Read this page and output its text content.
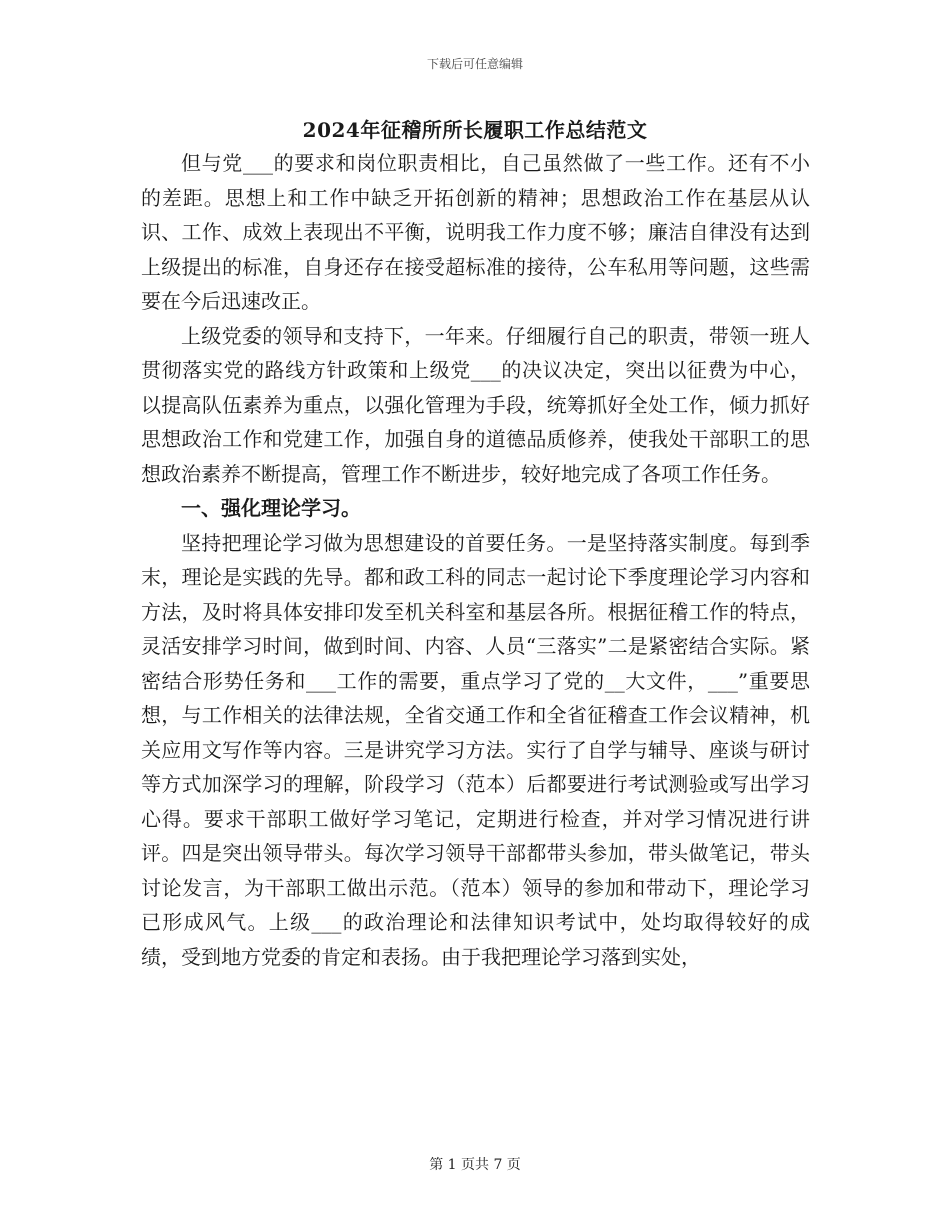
下载后可任意编辑
2024年征稽所所长履职工作总结范文

但与党___的要求和岗位职责相比，自己虽然做了一些工作。还有不小的差距。思想上和工作中缺乏开拓创新的精神；思想政治工作在基层从认识、工作、成效上表现出不平衡，说明我工作力度不够；廉洁自律没有达到上级提出的标准，自身还存在接受超标准的接待，公车私用等问题，这些需要在今后迅速改正。

上级党委的领导和支持下，一年来。仔细履行自己的职责，带领一班人贯彻落实党的路线方针政策和上级党___的决议决定，突出以征费为中心，以提高队伍素养为重点，以强化管理为手段，统筹抓好全处工作，倾力抓好思想政治工作和党建工作，加强自身的道德品质修养，使我处干部职工的思想政治素养不断提高，管理工作不断进步，较好地完成了各项工作任务。

一、强化理论学习。

坚持把理论学习做为思想建设的首要任务。一是坚持落实制度。每到季末，理论是实践的先导。都和政工科的同志一起讨论下季度理论学习内容和方法，及时将具体安排印发至机关科室和基层各所。根据征稽工作的特点，灵活安排学习时间，做到时间、内容、人员“三落实”二是紧密结合实际。紧密结合形势任务和___工作的需要，重点学习了党的__大文件，___”重要思想，与工作相关的法律法规，全省交通工作和全省征稽查工作会议精神，机关应用文写作等内容。三是讲究学习方法。实行了自学与辅导、座谈与研讨等方式加深学习的理解，阶段学习（范本）后都要进行考试测验或写出学习心得。要求干部职工做好学习笔记，定期进行检查，并对学习情况进行讲评。四是突出领导带头。每次学习领导干部都带头参加，带头做笔记，带头讨论发言，为干部职工做出示范。（范本）领导的参加和带动下，理论学习已形成风气。上级___的政治理论和法律知识考试中，处均取得较好的成绩，受到地方党委的肯定和表扬。由于我把理论学习落到实处，

第 1 页共 7 页
